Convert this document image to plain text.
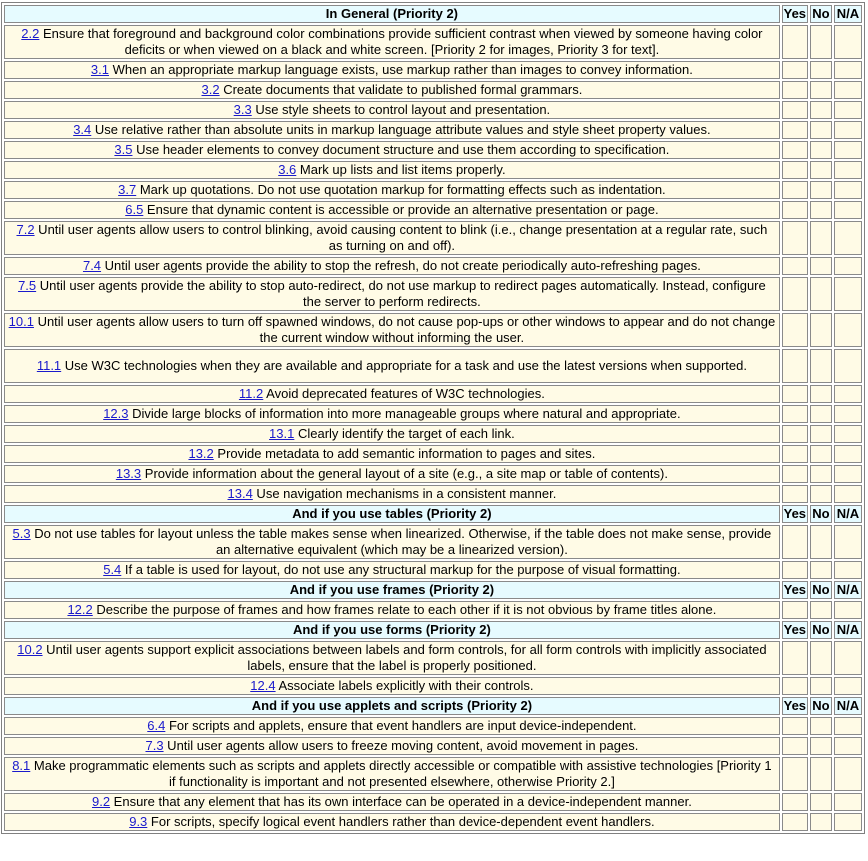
In General (Priority 2)	Yes	No	N/A
2.2 Ensure that foreground and background color combinations provide sufficient contrast when viewed by someone having color deficits or when viewed on a black and white screen. [Priority 2 for images, Priority 3 for text].			
3.1 When an appropriate markup language exists, use markup rather than images to convey information.			
3.2 Create documents that validate to published formal grammars.			
3.3 Use style sheets to control layout and presentation.			
3.4 Use relative rather than absolute units in markup language attribute values and style sheet property values.			
3.5 Use header elements to convey document structure and use them according to specification.			
3.6 Mark up lists and list items properly.			
3.7 Mark up quotations. Do not use quotation markup for formatting effects such as indentation.			
6.5 Ensure that dynamic content is accessible or provide an alternative presentation or page.			
7.2 Until user agents allow users to control blinking, avoid causing content to blink (i.e., change presentation at a regular rate, such as turning on and off).			
7.4 Until user agents provide the ability to stop the refresh, do not create periodically auto-refreshing pages.			
7.5 Until user agents provide the ability to stop auto-redirect, do not use markup to redirect pages automatically. Instead, configure the server to perform redirects.			
10.1 Until user agents allow users to turn off spawned windows, do not cause pop-ups or other windows to appear and do not change the current window without informing the user.			
11.1 Use W3C technologies when they are available and appropriate for a task and use the latest versions when supported.			
11.2 Avoid deprecated features of W3C technologies.			
12.3 Divide large blocks of information into more manageable groups where natural and appropriate.			
13.1 Clearly identify the target of each link.			
13.2 Provide metadata to add semantic information to pages and sites.			
13.3 Provide information about the general layout of a site (e.g., a site map or table of contents).			
13.4 Use navigation mechanisms in a consistent manner.			
And if you use tables (Priority 2)	Yes	No	N/A
5.3 Do not use tables for layout unless the table makes sense when linearized. Otherwise, if the table does not make sense, provide an alternative equivalent (which may be a linearized version).			
5.4 If a table is used for layout, do not use any structural markup for the purpose of visual formatting.			
And if you use frames (Priority 2)	Yes	No	N/A
12.2 Describe the purpose of frames and how frames relate to each other if it is not obvious by frame titles alone.			
And if you use forms (Priority 2)	Yes	No	N/A
10.2 Until user agents support explicit associations between labels and form controls, for all form controls with implicitly associated labels, ensure that the label is properly positioned.			
12.4 Associate labels explicitly with their controls.			
And if you use applets and scripts (Priority 2)	Yes	No	N/A
6.4 For scripts and applets, ensure that event handlers are input device-independent.			
7.3 Until user agents allow users to freeze moving content, avoid movement in pages.			
8.1 Make programmatic elements such as scripts and applets directly accessible or compatible with assistive technologies [Priority 1 if functionality is important and not presented elsewhere, otherwise Priority 2.]			
9.2 Ensure that any element that has its own interface can be operated in a device-independent manner.			
9.3 For scripts, specify logical event handlers rather than device-dependent event handlers.			
